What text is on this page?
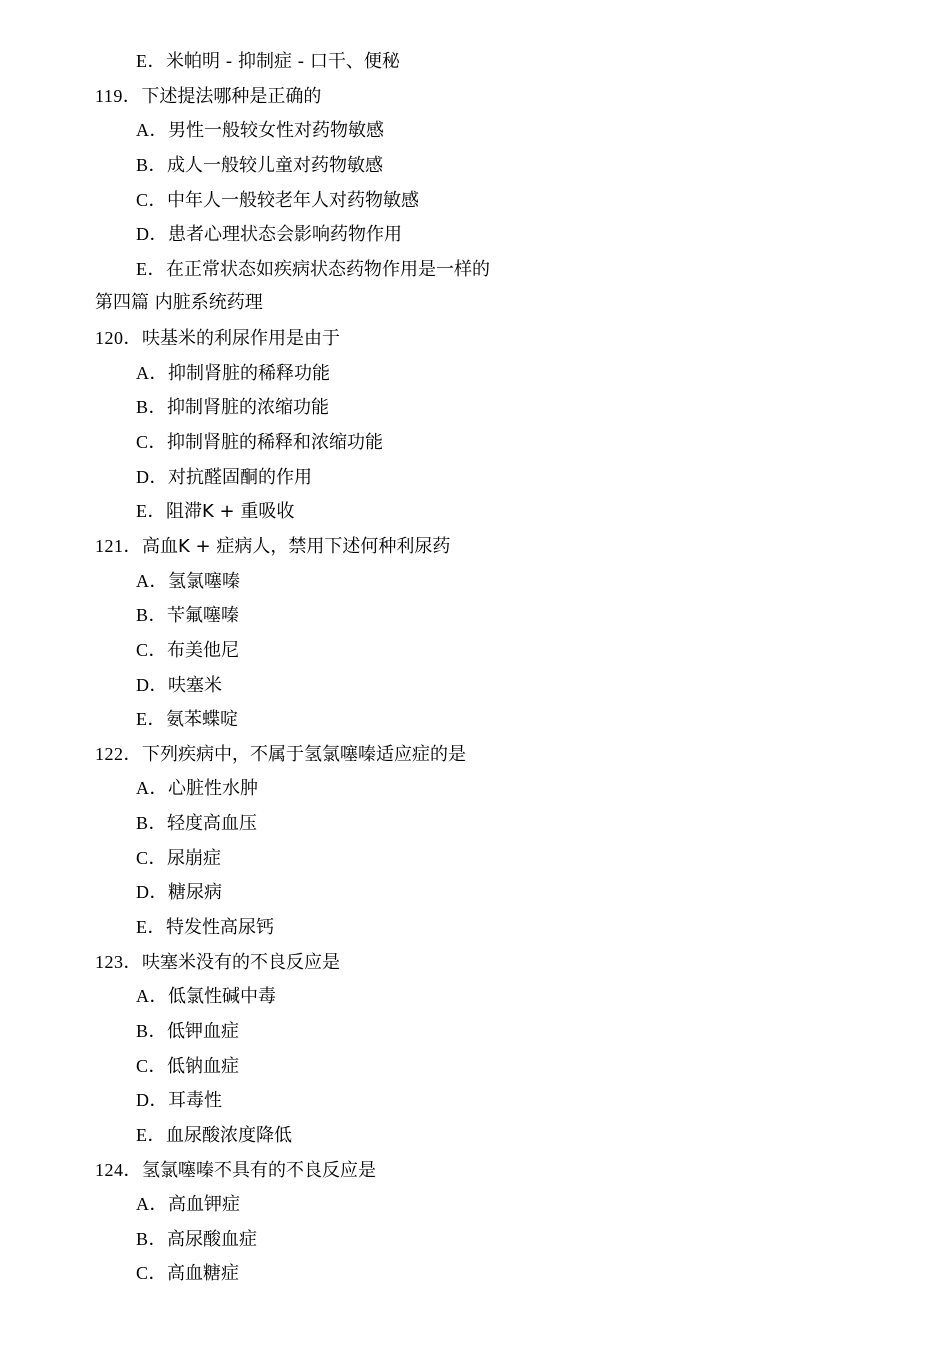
E．米帕明 - 抑制症 - 口干、便秘
119．下述提法哪种是正确的
A．男性一般较女性对药物敏感
B．成人一般较儿童对药物敏感
C．中年人一般较老年人对药物敏感
D．患者心理状态会影响药物作用
E．在正常状态如疾病状态药物作用是一样的
第四篇 内脏系统药理
120．呋基米的利尿作用是由于
A．抑制肾脏的稀释功能
B．抑制肾脏的浓缩功能
C．抑制肾脏的稀释和浓缩功能
D．对抗醛固酮的作用
E．阻滞K + 重吸收
121．高血K + 症病人，禁用下述何种利尿药
A．氢氯噻嗪
B．苄氟噻嗪
C．布美他尼
D．呋塞米
E．氨苯蝶啶
122．下列疾病中，不属于氢氯噻嗪适应症的是
A．心脏性水肿
B．轻度高血压
C．尿崩症
D．糖尿病
E．特发性高尿钙
123．呋塞米没有的不良反应是
A．低氯性碱中毒
B．低钾血症
C．低钠血症
D．耳毒性
E．血尿酸浓度降低
124．氢氯噻嗪不具有的不良反应是
A．高血钾症
B．高尿酸血症
C．高血糖症
